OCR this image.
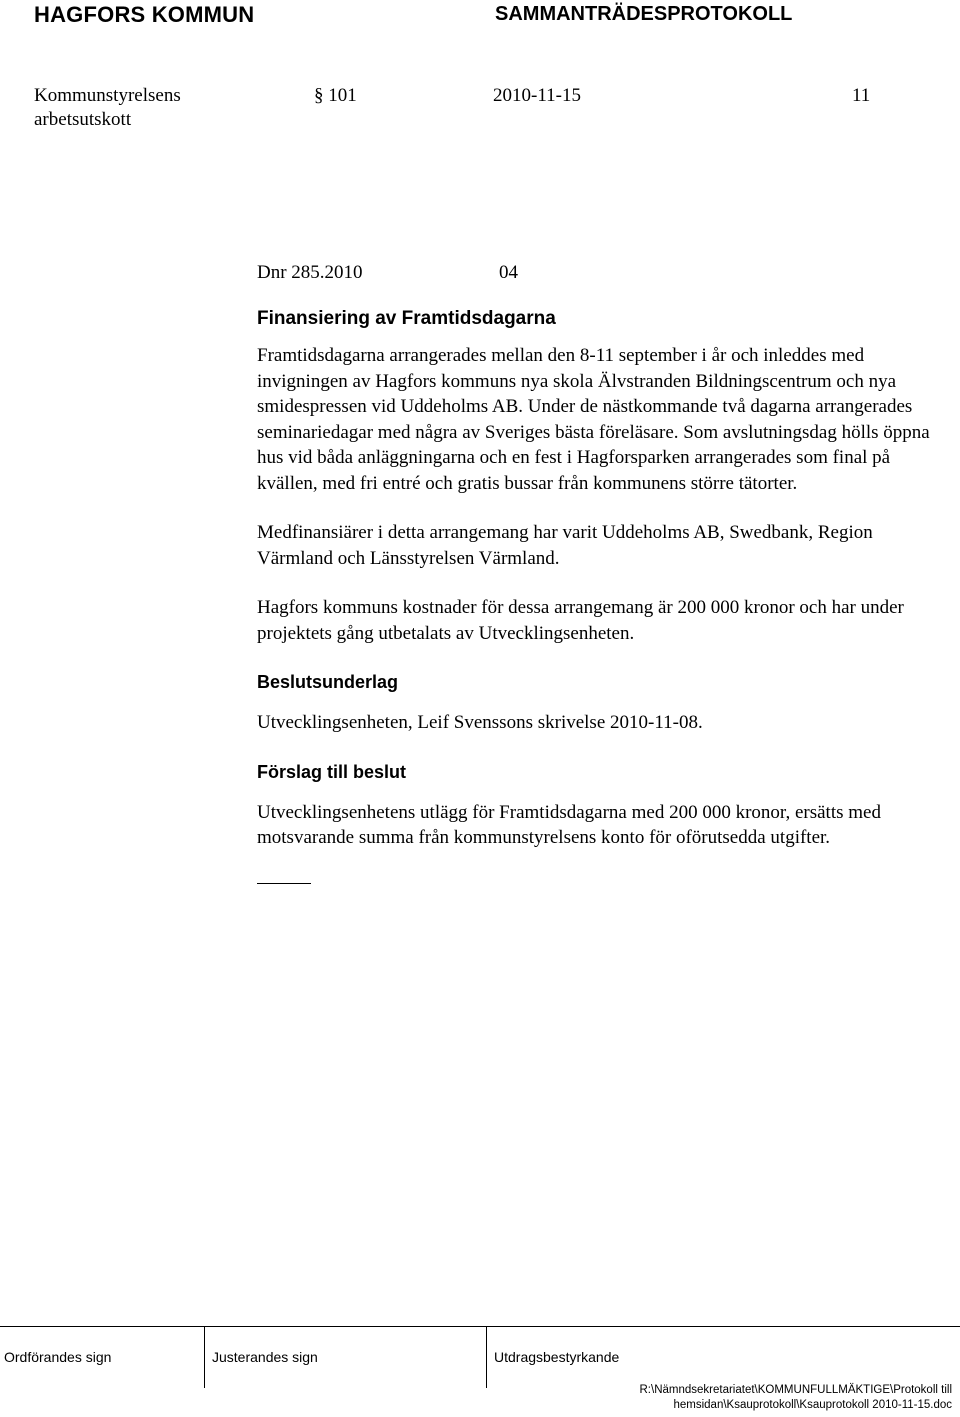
HAGFORS KOMMUN	SAMMANTRÄDESPROTOKOLL
Kommunstyrelsens
arbetsutskott
§ 101	2010-11-15	11
Dnr 285.2010	04
Finansiering av Framtidsdagarna

Framtidsdagarna arrangerades mellan den 8-11 september i år och inleddes med invigningen av Hagfors kommuns nya skola Älvstranden Bildningscentrum och nya smidespressen vid Uddeholms AB. Under de nästkommande två dagarna arrangerades seminariedagar med några av Sveriges bästa föreläsare. Som avslutningsdag hölls öppna hus vid båda anläggningarna och en fest i Hagforsparken arrangerades som final på kvällen, med fri entré och gratis bussar från kommunens större tätorter.

Medfinansiärer i detta arrangemang har varit Uddeholms AB, Swedbank, Region Värmland och Länsstyrelsen Värmland.

Hagfors kommuns kostnader för dessa arrangemang är 200 000 kronor och har under projektets gång utbetalats av Utvecklingsenheten.

Beslutsunderlag

Utvecklingsenheten, Leif Svenssons skrivelse 2010-11-08.

Förslag till beslut

Utvecklingsenhetens utlägg för Framtidsdagarna med 200 000 kronor, ersätts med motsvarande summa från kommunstyrelsens konto för oförutsedda utgifter.

Ordförandes sign	Justerandes sign	Utdragsbestyrkande
R:\Nämndsekretariatet\KOMMUNFULLMÄKTIGE\Protokoll till
hemsidan\Ksauprotokoll\Ksauprotokoll 2010-11-15.doc
